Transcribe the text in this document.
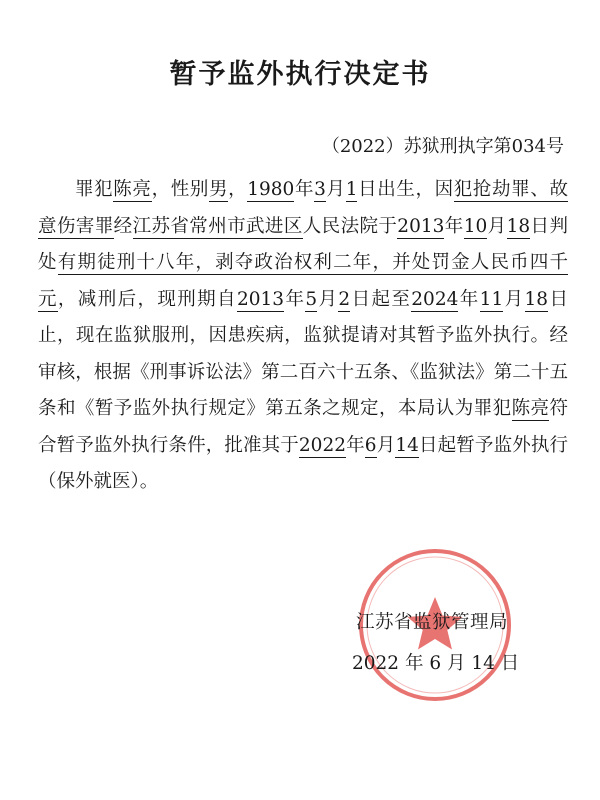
暂予监外执行决定书
（2022）苏狱刑执字第034号

罪犯陈亮，性别男，1980年3月1日出生，因犯抢劫罪、故意伤害罪经江苏省常州市武进区人民法院于2013年10月18日判处有期徒刑十八年，剥夺政治权利二年，并处罚金人民币四千元，减刑后，现刑期自2013年5月2日起至2024年11月18日止，现在监狱服刑，因患疾病，监狱提请对其暂予监外执行。经审核，根据《刑事诉讼法》第二百六十五条、《监狱法》第二十五条和《暂予监外执行规定》第五条之规定，本局认为罪犯陈亮符合暂予监外执行条件，批准其于2022年6月14日起暂予监外执行（保外就医）。

江苏省监狱管理局
2022 年 6 月 14 日
